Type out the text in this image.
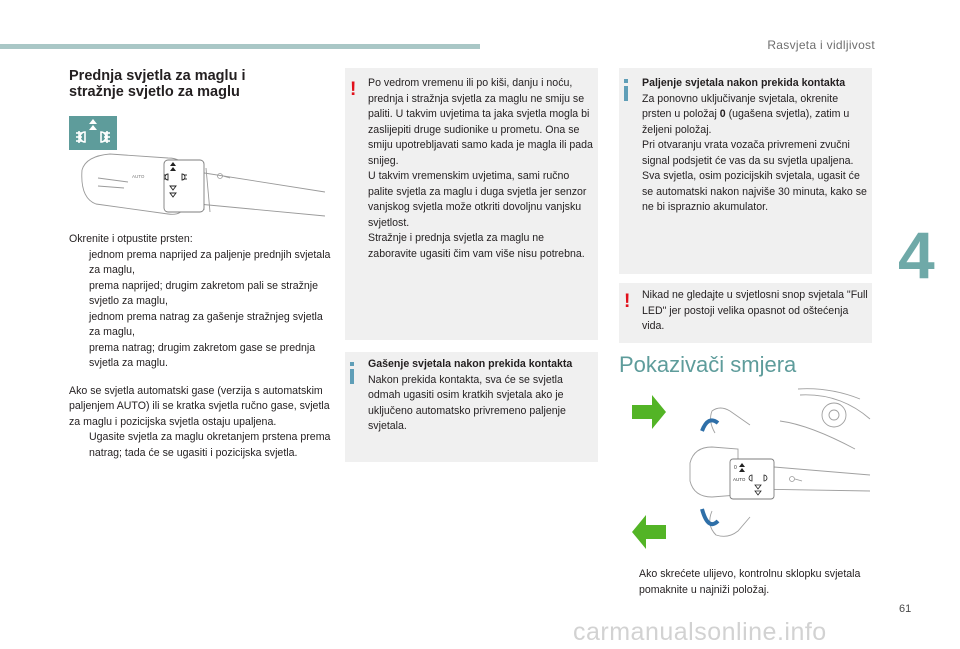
Rasvjeta i vidljivost
4
61
carmanualsonline.info
Prednja svjetla za maglu i
stražnje svjetlo za maglu
AUTO
Okrenite i otpustite prsten:
jednom prema naprijed za paljenje prednjih svjetala za maglu,
prema naprijed; drugim zakretom pali se stražnje svjetlo za maglu,
jednom prema natrag za gašenje stražnjeg svjetla za maglu,
prema natrag; drugim zakretom gase se prednja svjetla za maglu.
Ako se svjetla automatski gase (verzija s automatskim paljenjem AUTO) ili se kratka svjetla ručno gase, svjetla za maglu i pozicijska svjetla ostaju upaljena.
Ugasite svjetla za maglu okretanjem prstena prema natrag; tada će se ugasiti i pozicijska svjetla.
! Po vedrom vremenu ili po kiši, danju i noću, prednja i stražnja svjetla za maglu ne smiju se paliti. U takvim uvjetima ta jaka svjetla mogla bi zaslijepiti druge sudionike u prometu. Ona se smiju upotrebljavati samo kada je magla ili pada snijeg.
U takvim vremenskim uvjetima, sami ručno palite svjetla za maglu i duga svjetla jer senzor vanjskog svjetla može otkriti dovoljnu vanjsku svjetlost.
Stražnje i prednja svjetla za maglu ne zaboravite ugasiti čim vam više nisu potrebna.
Gašenje svjetala nakon prekida kontakta
Nakon prekida kontakta, sva će se svjetla odmah ugasiti osim kratkih svjetala ako je uključeno automatsko privremeno paljenje svjetala.
Paljenje svjetala nakon prekida kontakta
Za ponovno uključivanje svjetala, okrenite prsten u položaj 0 (ugašena svjetla), zatim u željeni položaj.
Pri otvaranju vrata vozača privremeni zvučni signal podsjetit će vas da su svjetla upaljena.
Sva svjetla, osim pozicijskih svjetala, ugasit će se automatski nakon najviše 30 minuta, kako se ne bi ispraznio akumulator.
! Nikad ne gledajte u svjetlosni snop svjetala "Full LED" jer postoji velika opasnot od oštećenja vida.
Pokazivači smjera
AUTO
0
Ako skrećete ulijevo, kontrolnu sklopku svjetala pomaknite u najniži položaj.
